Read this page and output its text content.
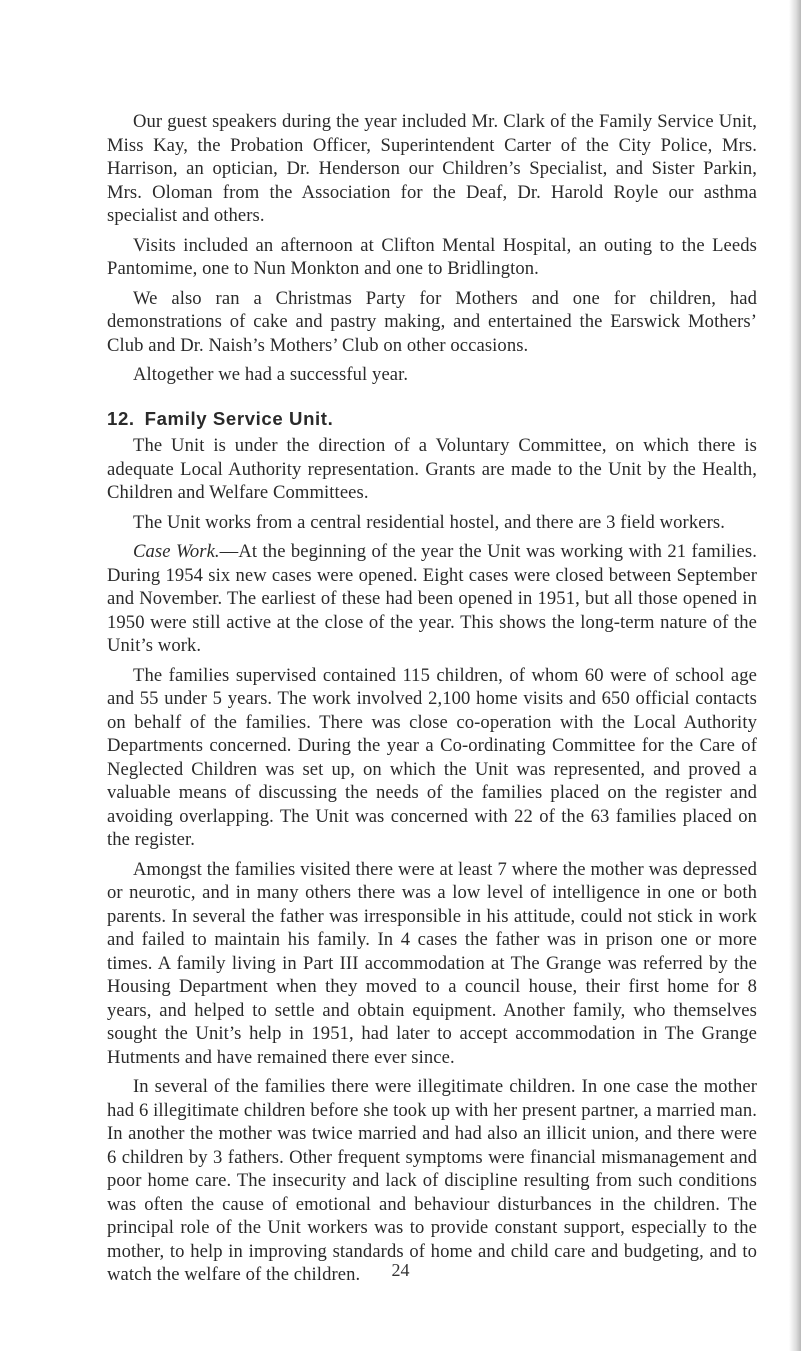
Our guest speakers during the year included Mr. Clark of the Family Service Unit, Miss Kay, the Probation Officer, Superintendent Carter of the City Police, Mrs. Harrison, an optician, Dr. Henderson our Children’s Specialist, and Sister Parkin, Mrs. Oloman from the Association for the Deaf, Dr. Harold Royle our asthma specialist and others.

Visits included an afternoon at Clifton Mental Hospital, an outing to the Leeds Pantomime, one to Nun Monkton and one to Bridlington.

We also ran a Christmas Party for Mothers and one for children, had demonstrations of cake and pastry making, and entertained the Earswick Mothers’ Club and Dr. Naish’s Mothers’ Club on other occasions.

Altogether we had a successful year.

12. Family Service Unit.

The Unit is under the direction of a Voluntary Committee, on which there is adequate Local Authority representation. Grants are made to the Unit by the Health, Children and Welfare Committees.

The Unit works from a central residential hostel, and there are 3 field workers.

Case Work.—At the beginning of the year the Unit was working with 21 families. During 1954 six new cases were opened. Eight cases were closed between September and November. The earliest of these had been opened in 1951, but all those opened in 1950 were still active at the close of the year. This shows the long-term nature of the Unit’s work.

The families supervised contained 115 children, of whom 60 were of school age and 55 under 5 years. The work involved 2,100 home visits and 650 official contacts on behalf of the families. There was close co-operation with the Local Authority Departments concerned. During the year a Co-ordinating Committee for the Care of Neglected Children was set up, on which the Unit was represented, and proved a valuable means of discussing the needs of the families placed on the register and avoiding overlapping. The Unit was concerned with 22 of the 63 families placed on the register.

Amongst the families visited there were at least 7 where the mother was depressed or neurotic, and in many others there was a low level of intelligence in one or both parents. In several the father was irresponsible in his attitude, could not stick in work and failed to maintain his family. In 4 cases the father was in prison one or more times. A family living in Part III accommodation at The Grange was referred by the Housing Department when they moved to a council house, their first home for 8 years, and helped to settle and obtain equipment. Another family, who themselves sought the Unit’s help in 1951, had later to accept accommodation in The Grange Hutments and have remained there ever since.

In several of the families there were illegitimate children. In one case the mother had 6 illegitimate children before she took up with her present partner, a married man. In another the mother was twice married and had also an illicit union, and there were 6 children by 3 fathers. Other frequent symptoms were financial mismanagement and poor home care. The insecurity and lack of discipline resulting from such conditions was often the cause of emotional and behaviour disturbances in the children. The principal role of the Unit workers was to provide constant support, especially to the mother, to help in improving standards of home and child care and budgeting, and to watch the welfare of the children.	24
